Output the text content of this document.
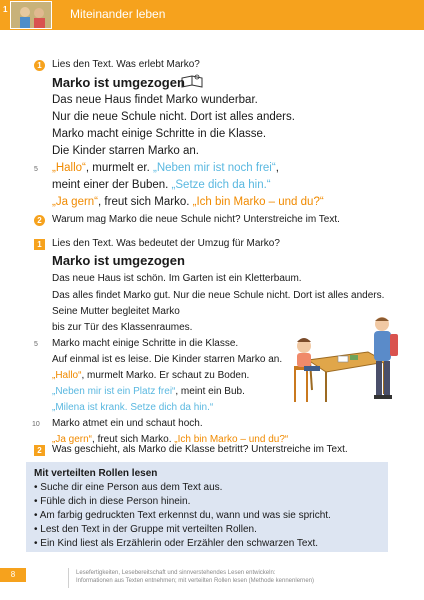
1	Miteinander leben
1	Lies den Text. Was erlebt Marko?
Marko ist umgezogen
Das neue Haus findet Marko wunderbar.
Nur die neue Schule nicht. Dort ist alles anders.
Marko macht einige Schritte in die Klasse.
Die Kinder starren Marko an.
5 „Hallo“, murmelt er. „Neben mir ist noch frei“,
meint einer der Buben. „Setze dich da hin.“
„Ja gern“, freut sich Marko. „Ich bin Marko – und du?“
2	Warum mag Marko die neue Schule nicht? Unterstreiche im Text.
1	Lies den Text. Was bedeutet der Umzug für Marko?
Marko ist umgezogen
Das neue Haus ist schön. Im Garten ist ein Kletterbaum.
Das alles findet Marko gut. Nur die neue Schule nicht. Dort ist alles anders.
Seine Mutter begleitet Marko
bis zur Tür des Klassenraumes.
5 Marko macht einige Schritte in die Klasse.
Auf einmal ist es leise. Die Kinder starren Marko an.
„Hallo“, murmelt Marko. Er schaut zu Boden.
„Neben mir ist ein Platz frei“, meint ein Bub.
„Milena ist krank. Setze dich da hin.“
10 Marko atmet ein und schaut hoch.
„Ja gern“, freut sich Marko. „Ich bin Marko – und du?“
2	Was geschieht, als Marko die Klasse betritt? Unterstreiche im Text.
Mit verteilten Rollen lesen
• Suche dir eine Person aus dem Text aus.
• Fühle dich in diese Person hinein.
• Am farbig gedruckten Text erkennst du, wann und was sie spricht.
• Lest den Text in der Gruppe mit verteilten Rollen.
• Ein Kind liest als Erzählerin oder Erzähler den schwarzen Text.
8	Lesefertigkeiten, Lesebereitschaft und sinnverstehendes Lesen entwickeln:
Informationen aus Texten entnehmen; mit verteilten Rollen lesen (Methode kennenlernen)
